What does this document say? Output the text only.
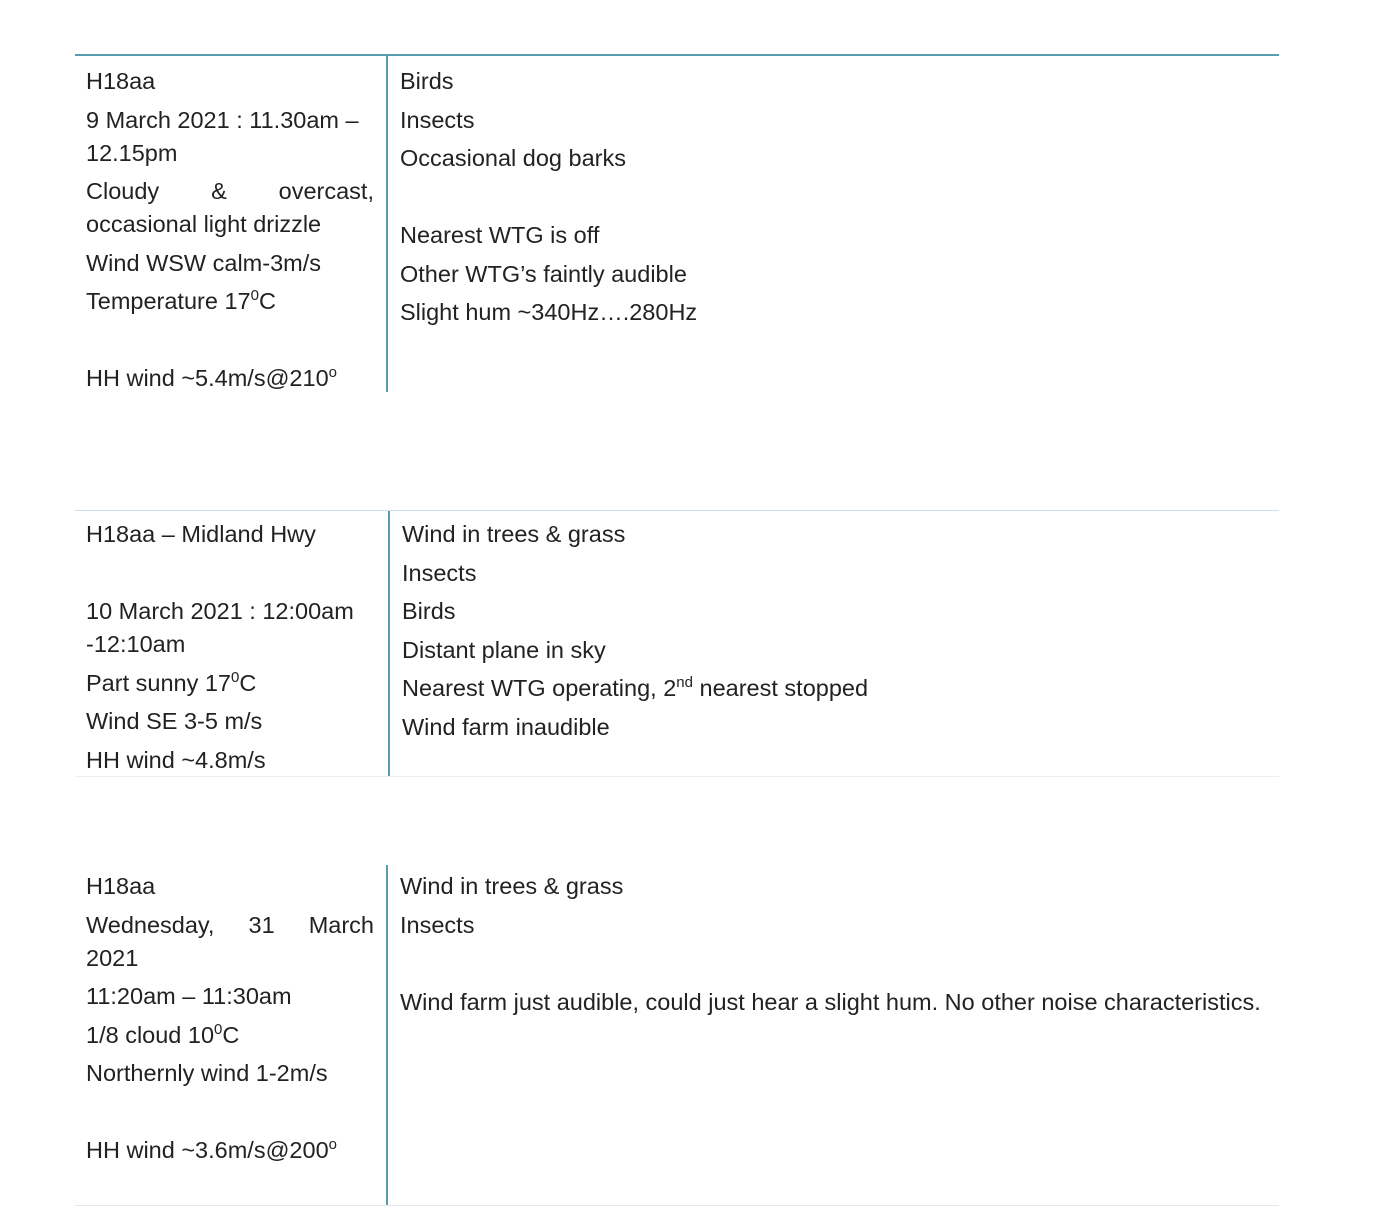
H18aa
9 March 2021 : 11.30am – 12.15pm
Cloudy & overcast, occasional light drizzle
Wind WSW calm-3m/s
Temperature $17^0C$
HH wind ~5.4m/s@210$^o$
Birds
Insects
Occasional dog barks
Nearest WTG is off
Other WTG’s faintly audible
Slight hum ~340Hz….280Hz
H18aa – Midland Hwy
10 March 2021 : 12:00am -12:10am
Part sunny $17^0C$
Wind SE 3-5 m/s
HH wind ~4.8m/s
Wind in trees & grass
Insects
Birds
Distant plane in sky
Nearest WTG operating, 2nd nearest stopped
Wind farm inaudible
H18aa
Wednesday, 31 March 2021
11:20am – 11:30am
1/8 cloud $10^0C$
Northernly wind 1-2m/s
HH wind ~3.6m/s@200$^o$
Wind in trees & grass
Insects
Wind farm just audible, could just hear a slight hum. No other noise characteristics.
